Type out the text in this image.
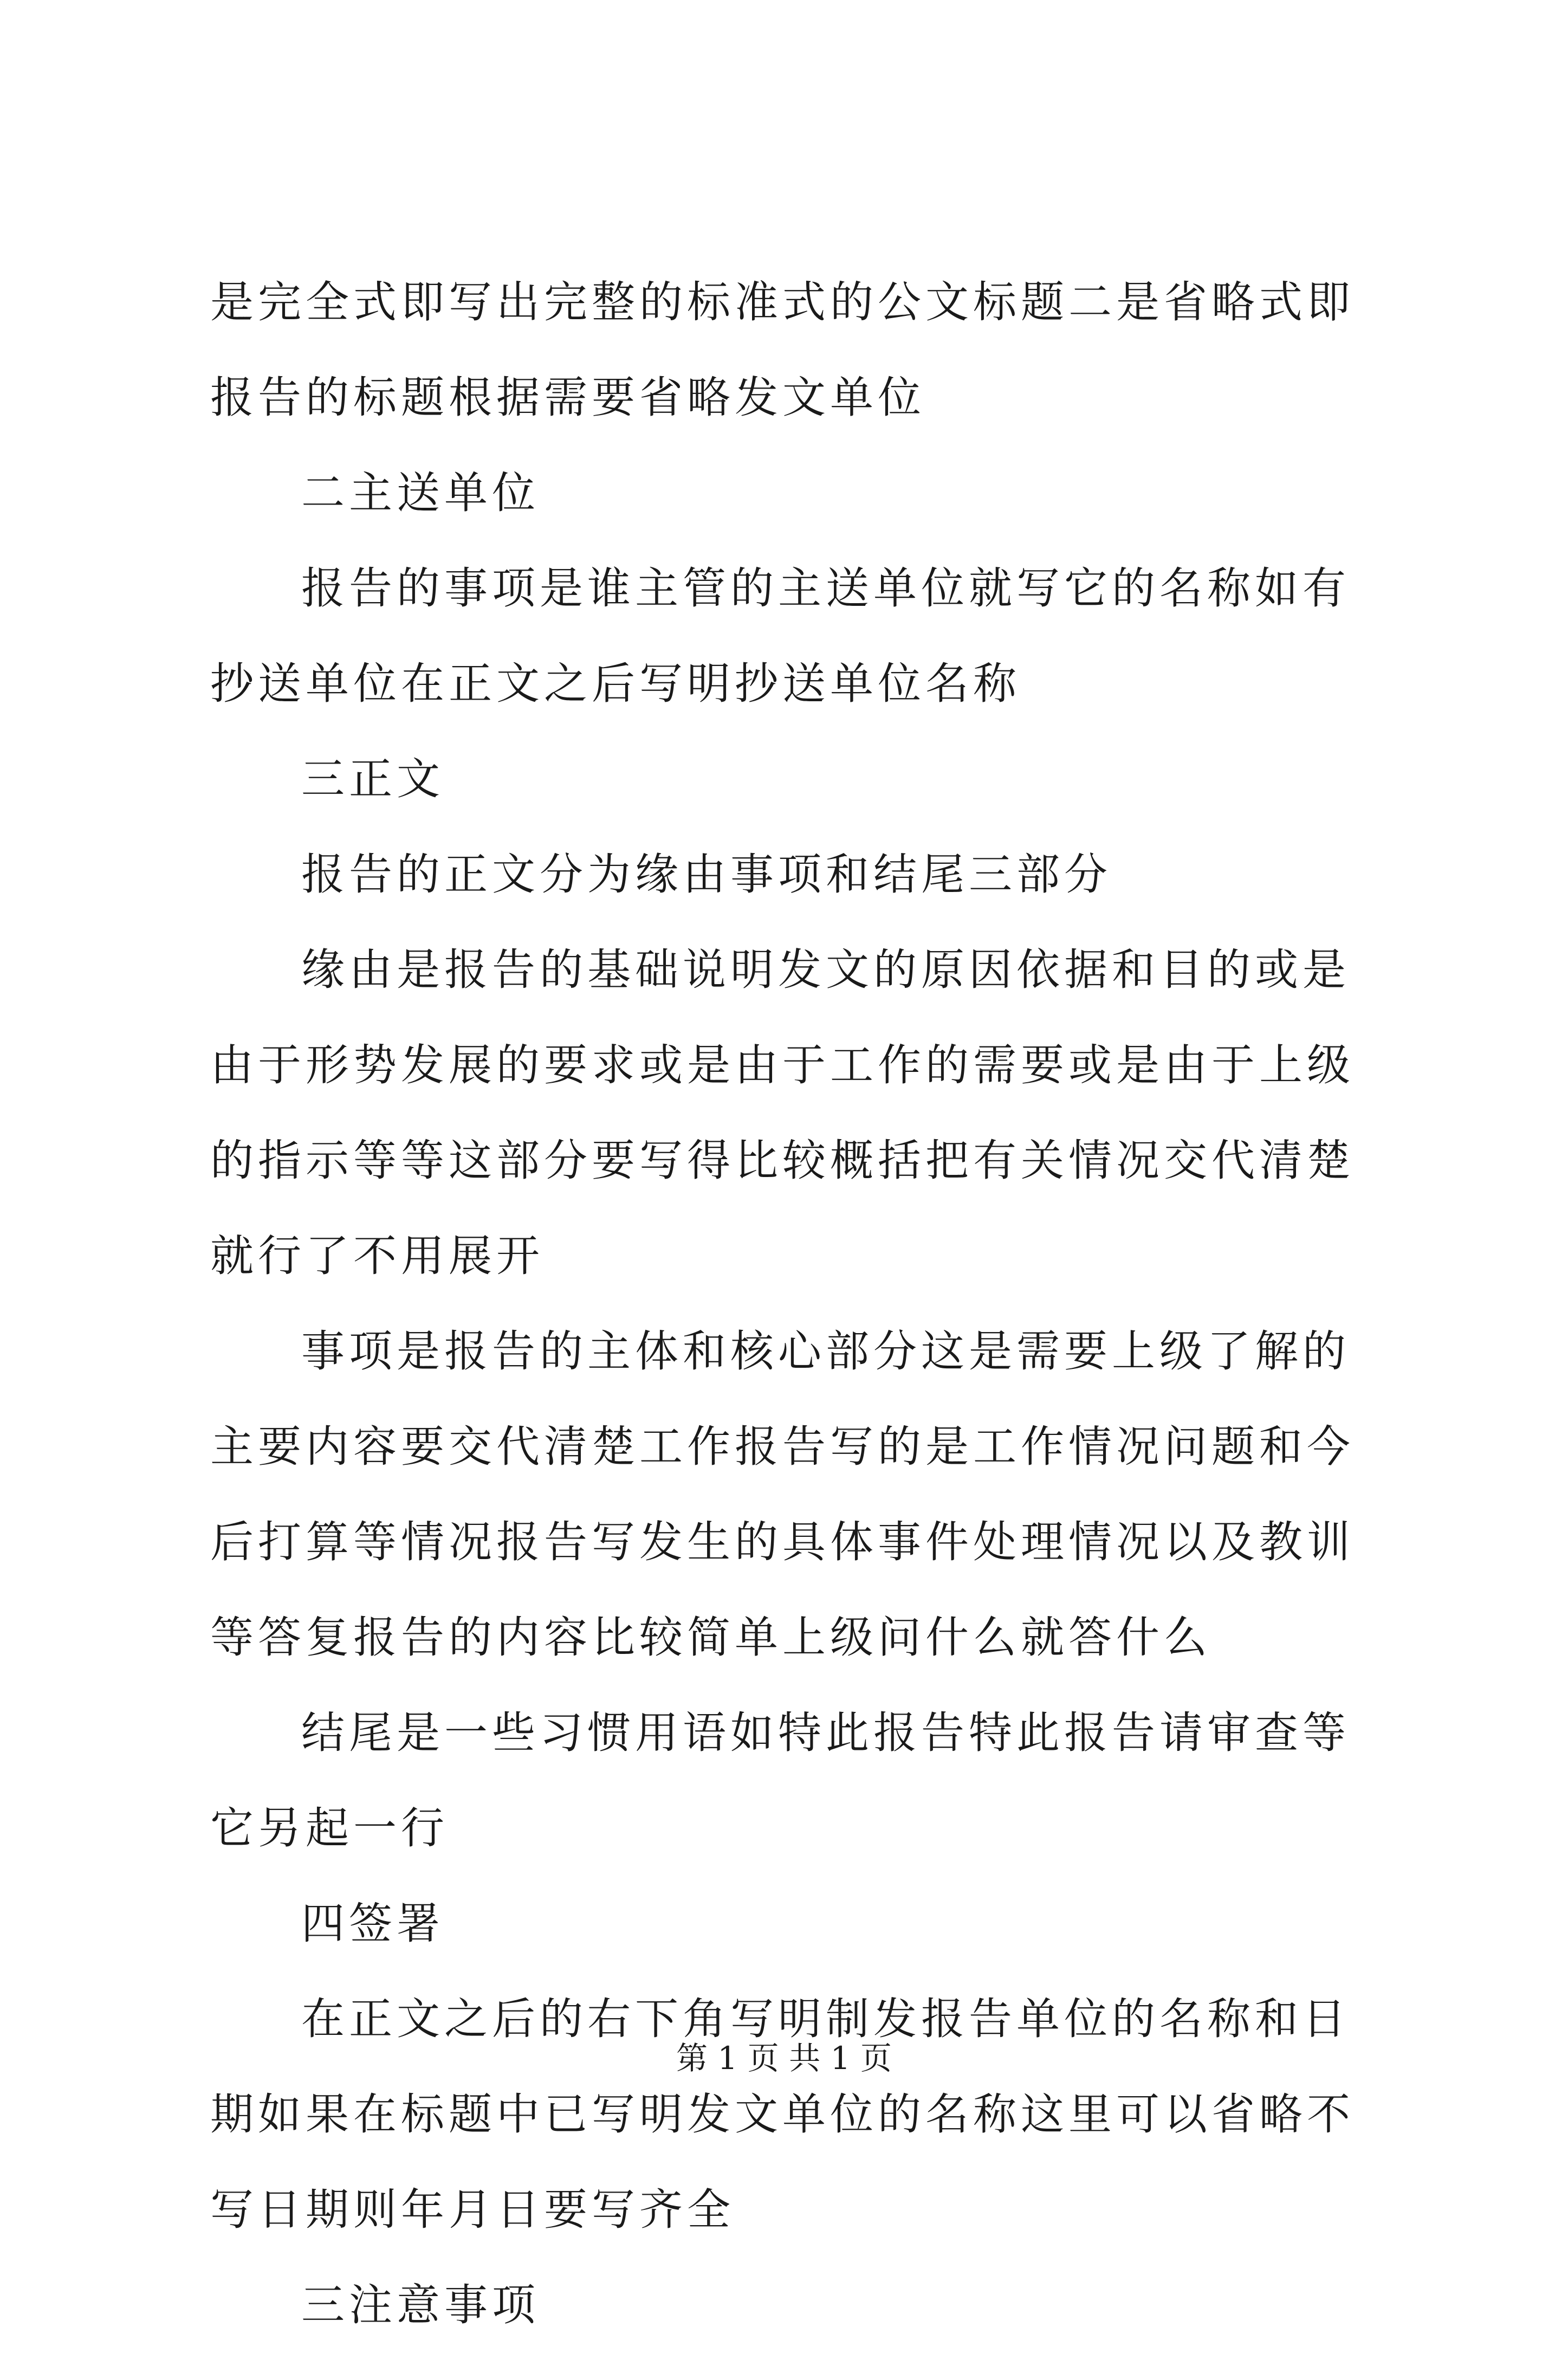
是完全式即写出完整的标准式的公文标题二是省略式即报告的标题根据需要省略发文单位

二主送单位

报告的事项是谁主管的主送单位就写它的名称如有抄送单位在正文之后写明抄送单位名称

三正文

报告的正文分为缘由事项和结尾三部分

缘由是报告的基础说明发文的原因依据和目的或是由于形势发展的要求或是由于工作的需要或是由于上级的指示等等这部分要写得比较概括把有关情况交代清楚就行了不用展开

事项是报告的主体和核心部分这是需要上级了解的主要内容要交代清楚工作报告写的是工作情况问题和今后打算等情况报告写发生的具体事件处理情况以及教训等答复报告的内容比较简单上级问什么就答什么

结尾是一些习惯用语如特此报告特此报告请审查等它另起一行

四签署

在正文之后的右下角写明制发报告单位的名称和日期如果在标题中已写明发文单位的名称这里可以省略不写日期则年月日要写齐全

三注意事项

第 1 页 共 1 页
